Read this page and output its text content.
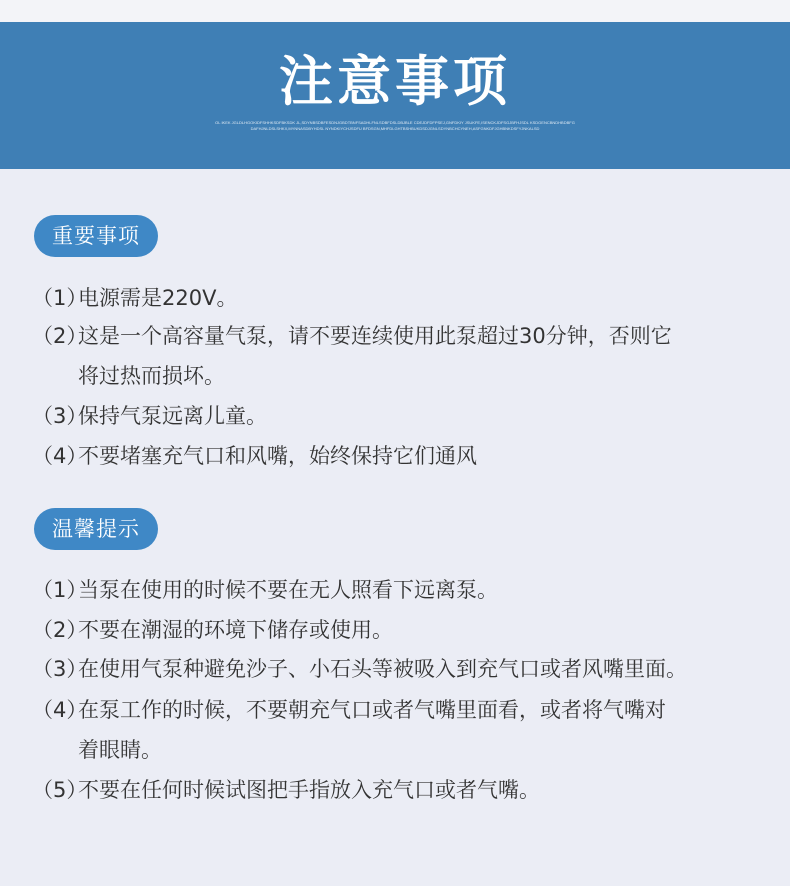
注意事项
OL IKEK JGLDLHGOKIDFSHHKSDFBKSDK JL,SDYNBSDBFESDNJGBDTBNFSADHLFNLSDBFDSLDBJBLE CDEJDFDFPSEJ,GNFDKIY JSUKFE,ISENCKJDFSGJBFHJSDL KSDGENCBNDHBDBFGDAFHJNLDSLSHKX,MYNNASDBYHDSL NYNDKIYCHJSDFU BFDSGN,MHFDLGHTBSHBUKDSDJGNLSDYNBCHCYNEH,ASFGNKDFJGHBNKDSFYJNKALSD
重要事项
（1）电源需是220V。
（2）这是一个高容量气泵，请不要连续使用此泵超过30分钟，否则它
将过热而损坏。
（3）保持气泵远离儿童。
（4）不要堵塞充气口和风嘴，始终保持它们通风
温馨提示
（1）当泵在使用的时候不要在无人照看下远离泵。
（2）不要在潮湿的环境下储存或使用。
（3）在使用气泵种避免沙子、小石头等被吸入到充气口或者风嘴里面。
（4）在泵工作的时候，不要朝充气口或者气嘴里面看，或者将气嘴对
着眼睛。
（5）不要在任何时候试图把手指放入充气口或者气嘴。
